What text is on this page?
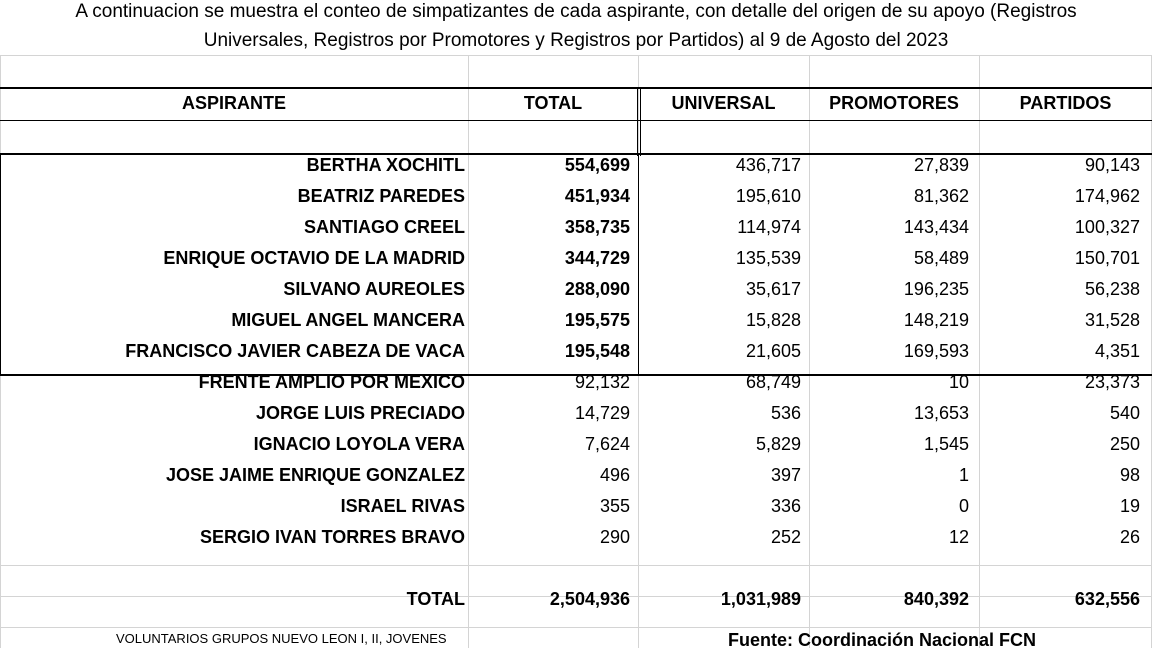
A continuacion se muestra el conteo de simpatizantes de cada aspirante, con detalle del origen de su apoyo (Registros
Universales, Registros por Promotores y Registros por Partidos) al 9 de Agosto del 2023
ASPIRANTE	TOTAL	UNIVERSAL	PROMOTORES	PARTIDOS

BERTHA XOCHITL	554,699	436,717	27,839	90,143
BEATRIZ PAREDES	451,934	195,610	81,362	174,962
SANTIAGO CREEL	358,735	114,974	143,434	100,327
ENRIQUE OCTAVIO DE LA MADRID	344,729	135,539	58,489	150,701
SILVANO AUREOLES	288,090	35,617	196,235	56,238
MIGUEL ANGEL MANCERA	195,575	15,828	148,219	31,528
FRANCISCO JAVIER CABEZA DE VACA	195,548	21,605	169,593	4,351
FRENTE AMPLIO POR MEXICO	92,132	68,749	10	23,373
JORGE LUIS PRECIADO	14,729	536	13,653	540
IGNACIO LOYOLA VERA	7,624	5,829	1,545	250
JOSE JAIME ENRIQUE GONZALEZ	496	397	1	98
ISRAEL RIVAS	355	336	0	19
SERGIO IVAN TORRES BRAVO	290	252	12	26

TOTAL	2,504,936	1,031,989	840,392	632,556
VOLUNTARIOS GRUPOS NUEVO LEON I, II, JOVENES	Fuente: Coordinación Nacional FCN
